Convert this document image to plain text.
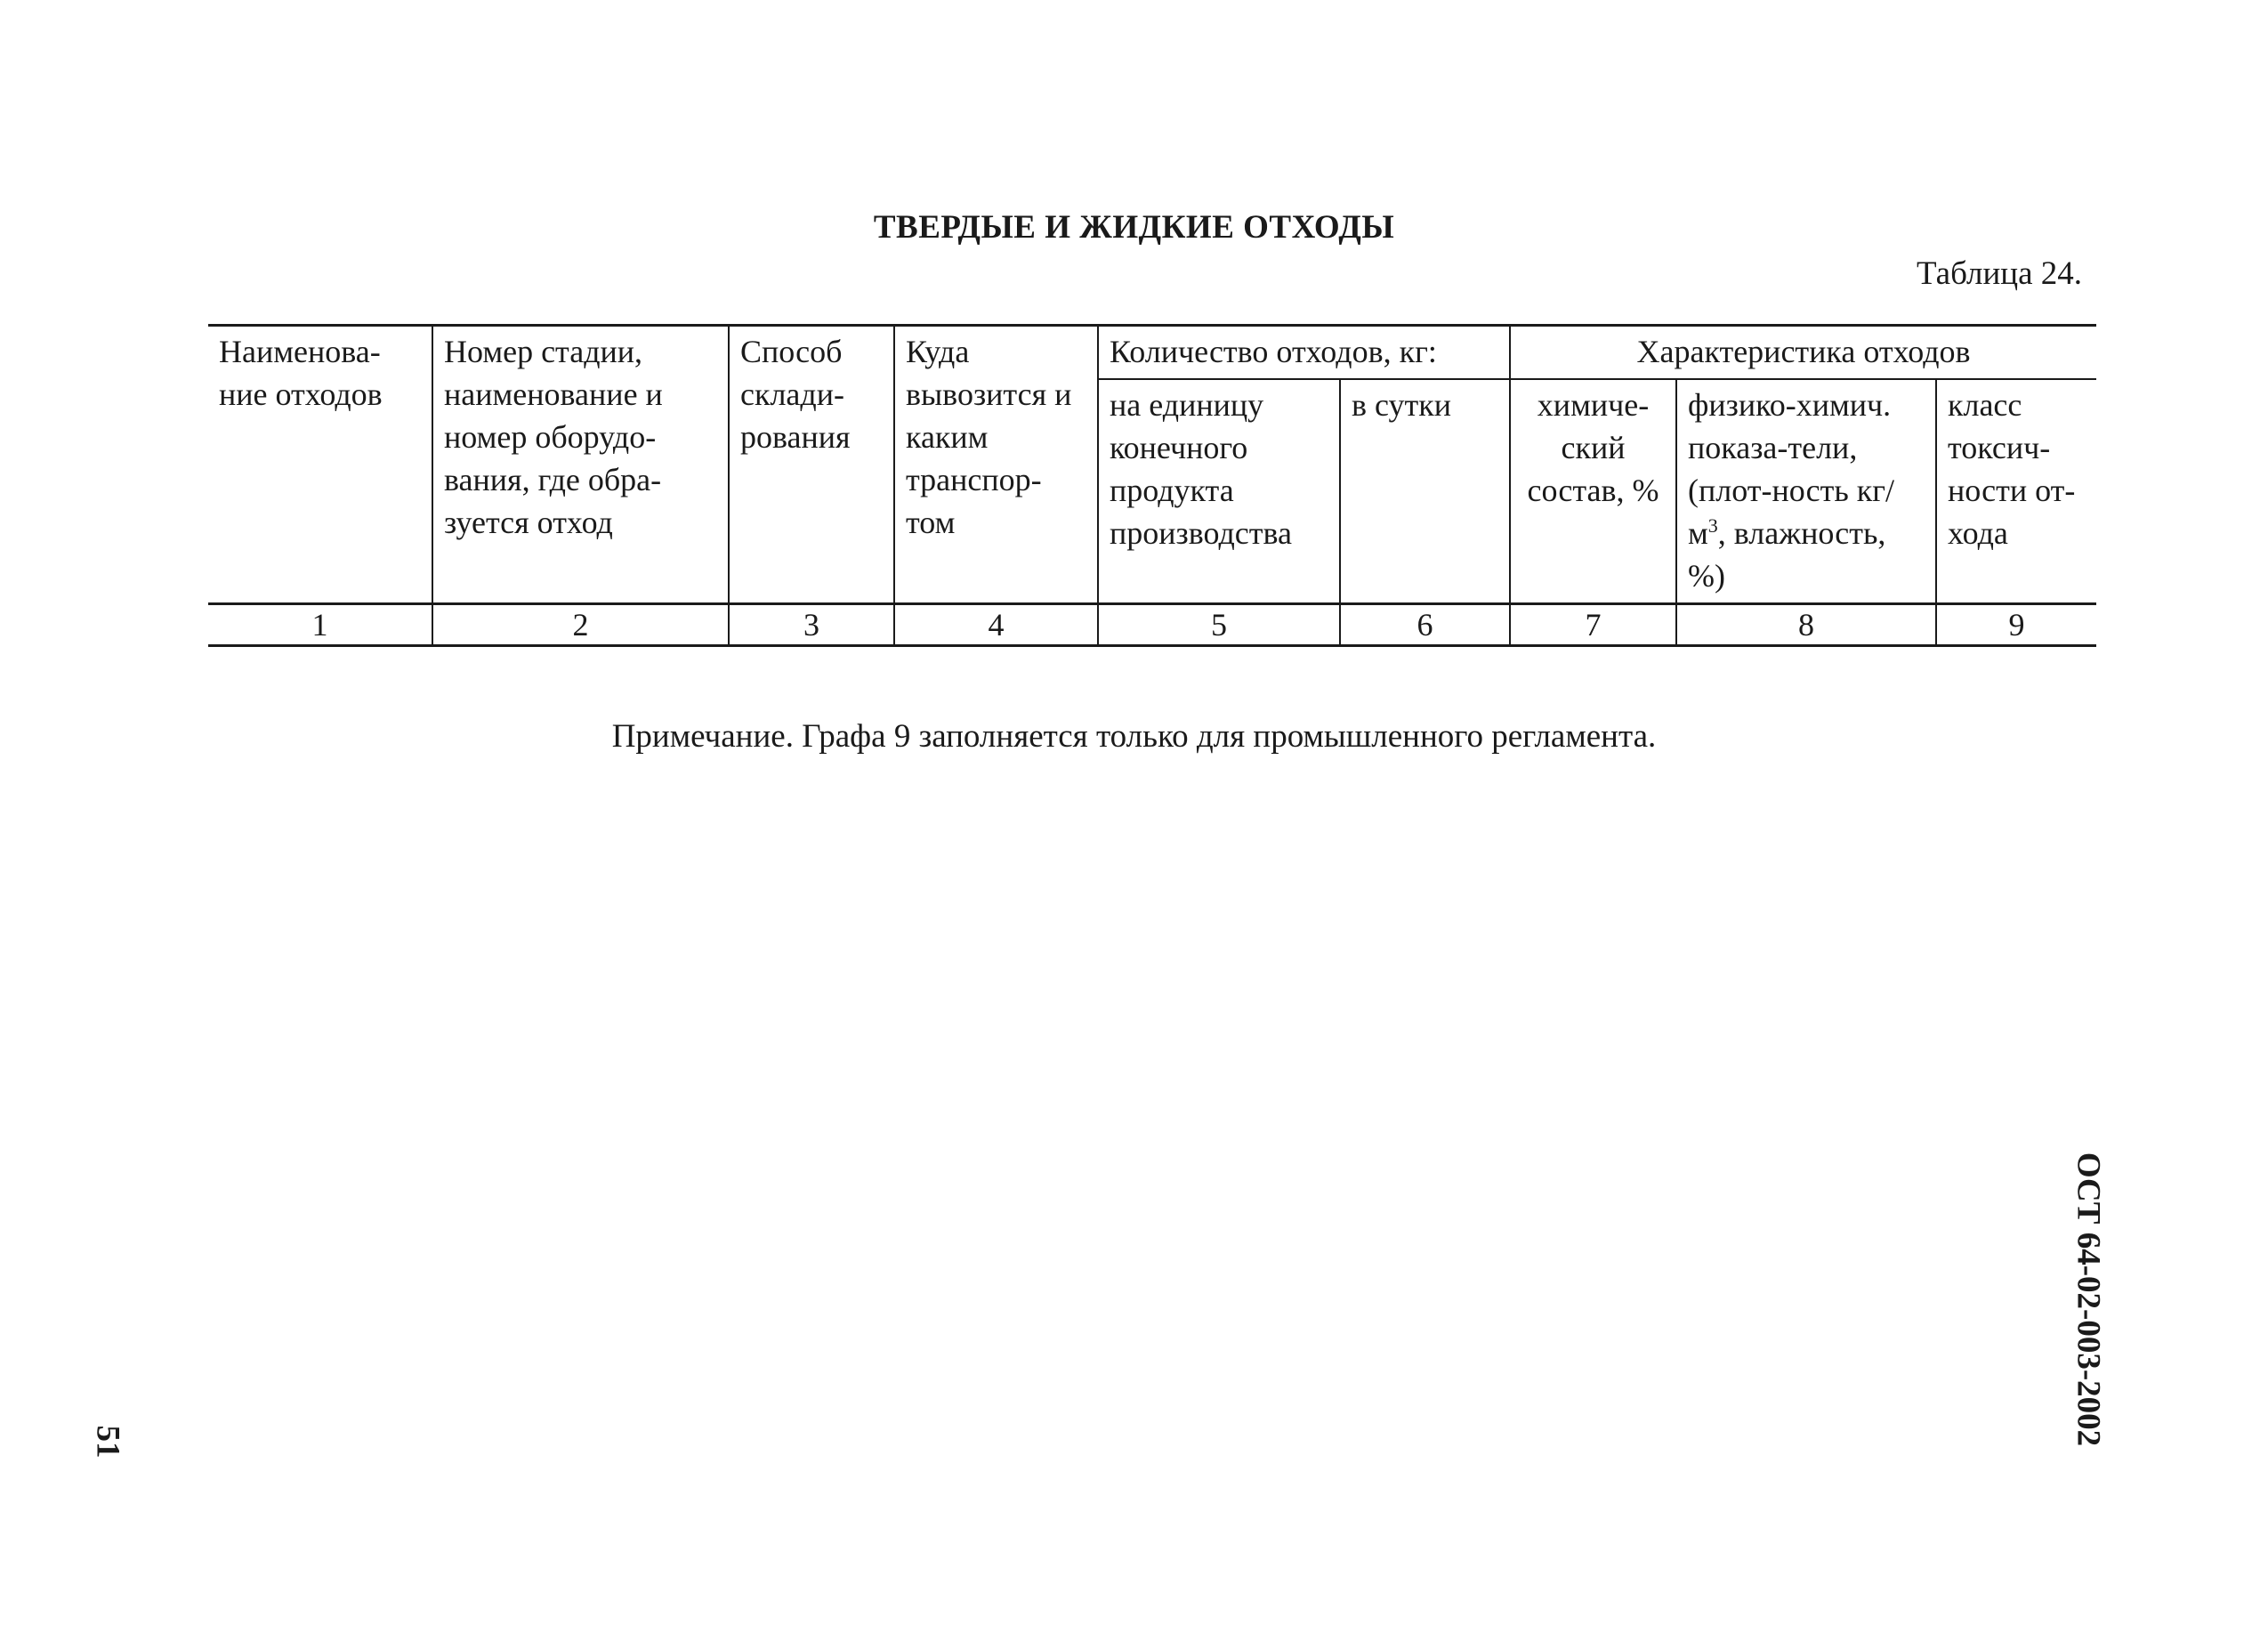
ТВЕРДЫЕ И ЖИДКИЕ ОТХОДЫ
Таблица 24.
Наименова-ние отходов	Номер стадии, наименование и номер оборудо-вания, где обра-зуется отход	Способ склади-рования	Куда вывозится и каким транспор-том	Количество отходов, кг:		Характеристика отходов		
				на единицу конечного продукта производства	в сутки	химиче-ский состав, %	физико-химич. показа-тели, (плот-ность $кг/м^3$, влажность, %)	класс токсич-ности от-хода
1	2	3	4	5	6	7	8	9

Примечание. Графа 9 заполняется только для промышленного регламента.

ОСТ 64-02-003-2002
51
